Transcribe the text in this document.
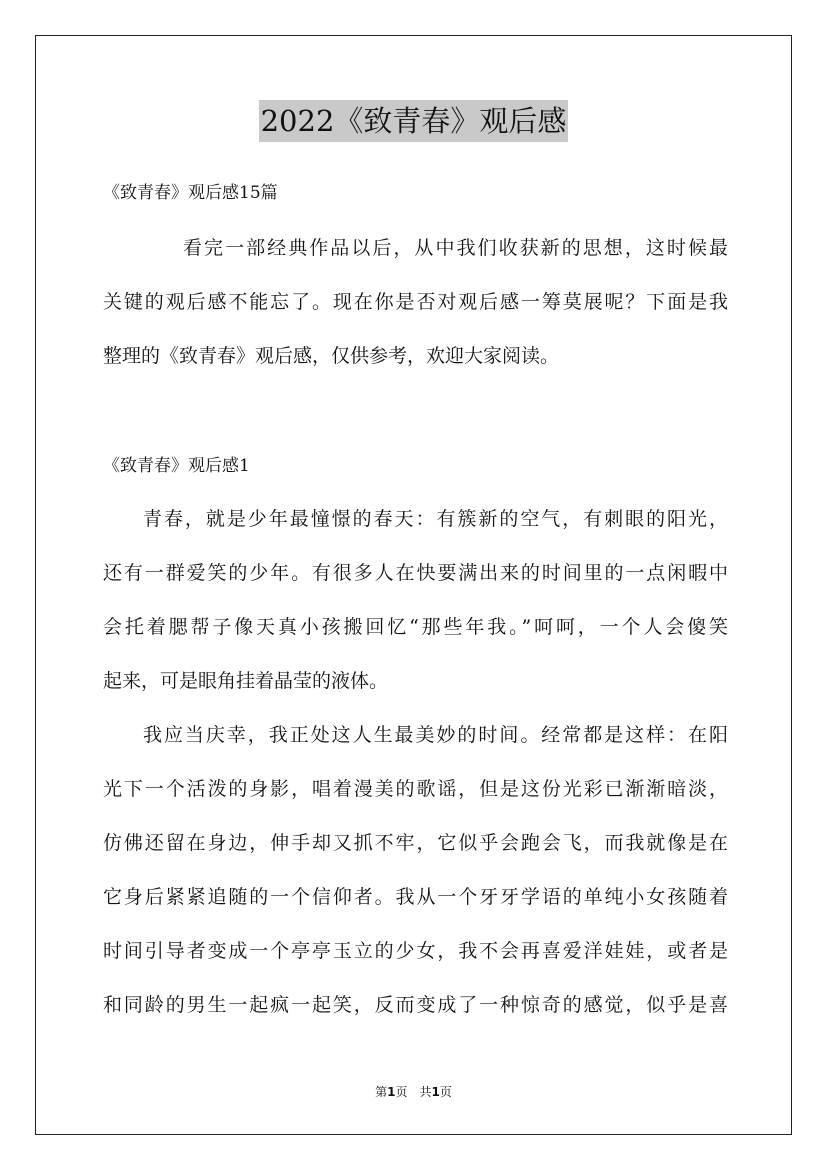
2022《致青春》观后感
《致青春》观后感15篇
看完一部经典作品以后，从中我们收获新的思想，这时候最
关键的观后感不能忘了。现在你是否对观后感一筹莫展呢？下面是我
整理的《致青春》观后感，仅供参考，欢迎大家阅读。
《致青春》观后感1
青春，就是少年最憧憬的春天：有簇新的空气，有刺眼的阳光，
还有一群爱笑的少年。有很多人在快要满出来的时间里的一点闲暇中
会托着腮帮子像天真小孩搬回忆“那些年我。”呵呵，一个人会傻笑
起来，可是眼角挂着晶莹的液体。
我应当庆幸，我正处这人生最美妙的时间。经常都是这样：在阳
光下一个活泼的身影，唱着漫美的歌谣，但是这份光彩已渐渐暗淡，
仿佛还留在身边，伸手却又抓不牢，它似乎会跑会飞，而我就像是在
它身后紧紧追随的一个信仰者。我从一个牙牙学语的单纯小女孩随着
时间引导者变成一个亭亭玉立的少女，我不会再喜爱洋娃娃，或者是
和同龄的男生一起疯一起笑，反而变成了一种惊奇的感觉，似乎是喜
第1页　共1页
